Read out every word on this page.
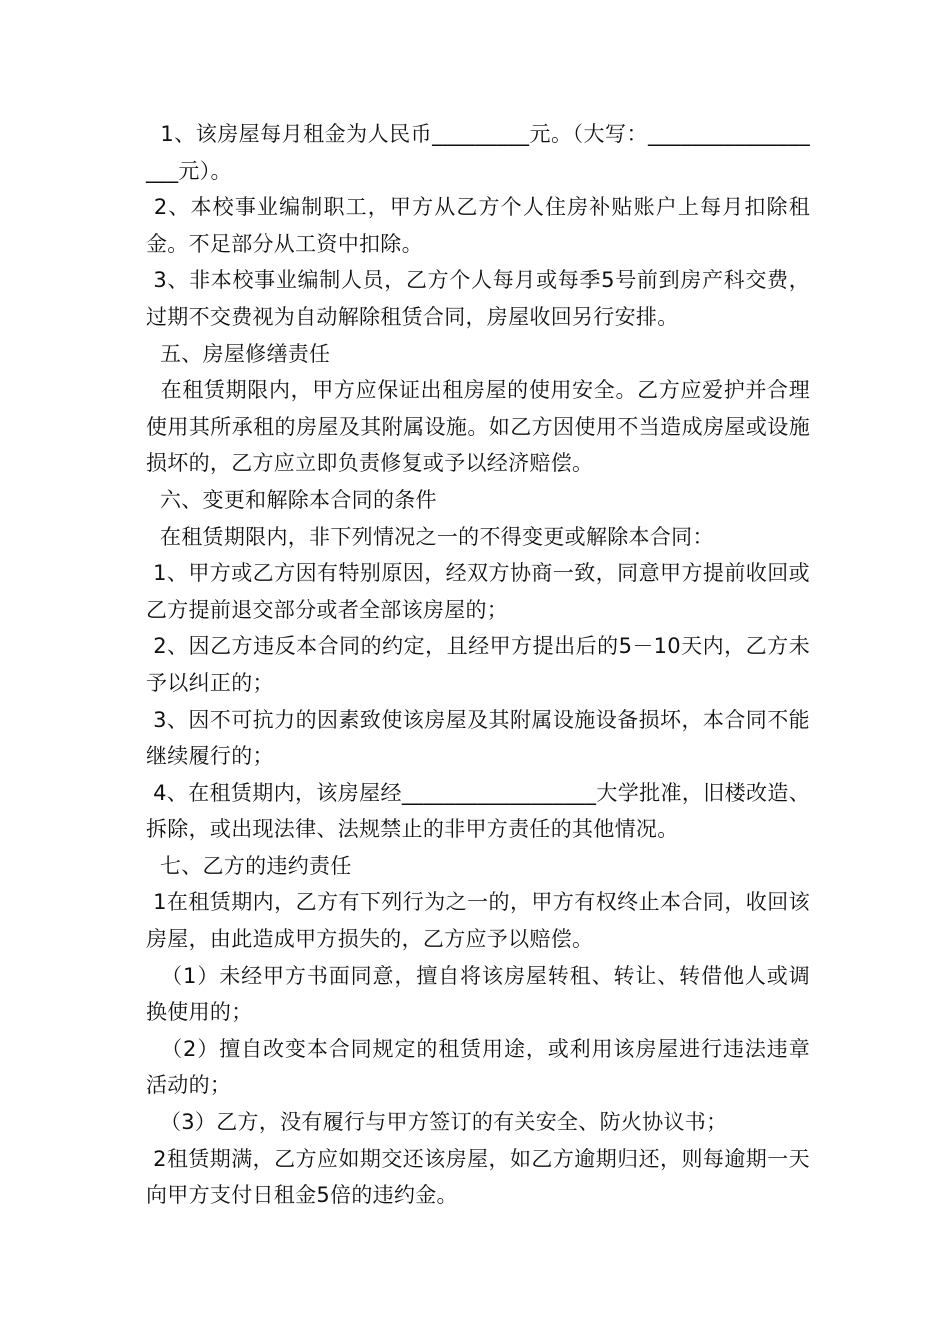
1、该房屋每月租金为人民币_________元。（大写：__________________元）。

2、本校事业编制职工，甲方从乙方个人住房补贴账户上每月扣除租金。不足部分从工资中扣除。

3、非本校事业编制人员，乙方个人每月或每季5号前到房产科交费，过期不交费视为自动解除租赁合同，房屋收回另行安排。

五、房屋修缮责任

在租赁期限内，甲方应保证出租房屋的使用安全。乙方应爱护并合理使用其所承租的房屋及其附属设施。如乙方因使用不当造成房屋或设施损坏的，乙方应立即负责修复或予以经济赔偿。

六、变更和解除本合同的条件

在租赁期限内，非下列情况之一的不得变更或解除本合同：

1、甲方或乙方因有特别原因，经双方协商一致，同意甲方提前收回或乙方提前退交部分或者全部该房屋的；

2、因乙方违反本合同的约定，且经甲方提出后的5－10天内，乙方未予以纠正的；

3、因不可抗力的因素致使该房屋及其附属设施设备损坏，本合同不能继续履行的；

4、在租赁期内，该房屋经__________________大学批准，旧楼改造、拆除，或出现法律、法规禁止的非甲方责任的其他情况。

七、乙方的违约责任

1在租赁期内，乙方有下列行为之一的，甲方有权终止本合同，收回该房屋，由此造成甲方损失的，乙方应予以赔偿。

（1）未经甲方书面同意，擅自将该房屋转租、转让、转借他人或调换使用的；

（2）擅自改变本合同规定的租赁用途，或利用该房屋进行违法违章活动的；

（3）乙方，没有履行与甲方签订的有关安全、防火协议书；

2租赁期满，乙方应如期交还该房屋，如乙方逾期归还，则每逾期一天向甲方支付日租金5倍的违约金。
